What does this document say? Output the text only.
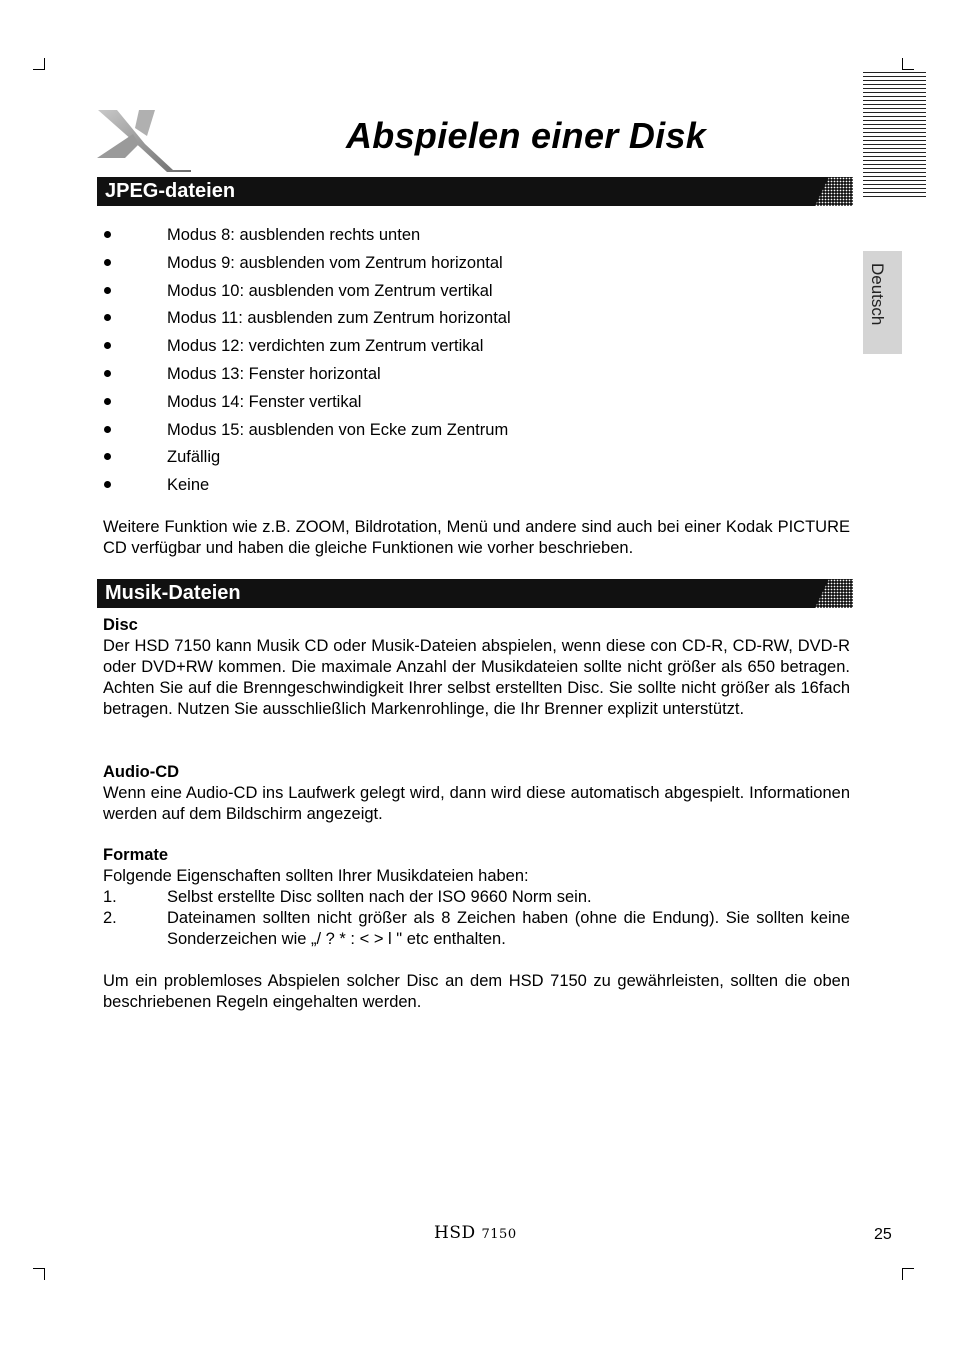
Abspielen einer Disk
Deutsch
JPEG-dateien
Modus 8: ausblenden rechts unten
Modus 9: ausblenden vom Zentrum horizontal
Modus 10: ausblenden vom Zentrum vertikal
Modus 11: ausblenden zum Zentrum horizontal
Modus 12: verdichten zum Zentrum vertikal
Modus 13: Fenster horizontal
Modus 14: Fenster vertikal
Modus 15: ausblenden von Ecke zum Zentrum
Zufällig
Keine

Weitere Funktion wie z.B. ZOOM, Bildrotation, Menü und andere sind auch bei einer Kodak PICTURE CD verfügbar und haben die gleiche Funktionen wie vorher beschrieben.

Musik-Dateien
Disc

Der HSD 7150 kann Musik CD oder Musik-Dateien abspielen, wenn diese con CD-R, CD-RW, DVD-R oder DVD+RW kommen. Die maximale Anzahl der Musikdateien sollte nicht größer als 650 betragen. Achten Sie auf die Brenngeschwindigkeit Ihrer selbst erstellten Disc. Sie sollte nicht größer als 16fach betragen. Nutzen Sie ausschließlich Markenrohlinge, die Ihr Brenner explizit unterstützt.

Audio-CD

Wenn eine Audio-CD ins Laufwerk gelegt wird, dann wird diese automatisch abgespielt. Informationen werden auf dem Bildschirm angezeigt.

Formate

Folgende Eigenschaften sollten Ihrer Musikdateien haben:

1.	Selbst erstellte Disc sollten nach der ISO 9660 Norm sein.
2.	Dateinamen sollten nicht größer als 8 Zeichen haben (ohne die Endung). Sie sollten keine Sonderzeichen wie „/ ? * : < > l " etc enthalten.

Um ein problemloses Abspielen solcher Disc an dem HSD 7150 zu gewährleisten, sollten die oben beschriebenen Regeln eingehalten werden.

HSD 7150	25
